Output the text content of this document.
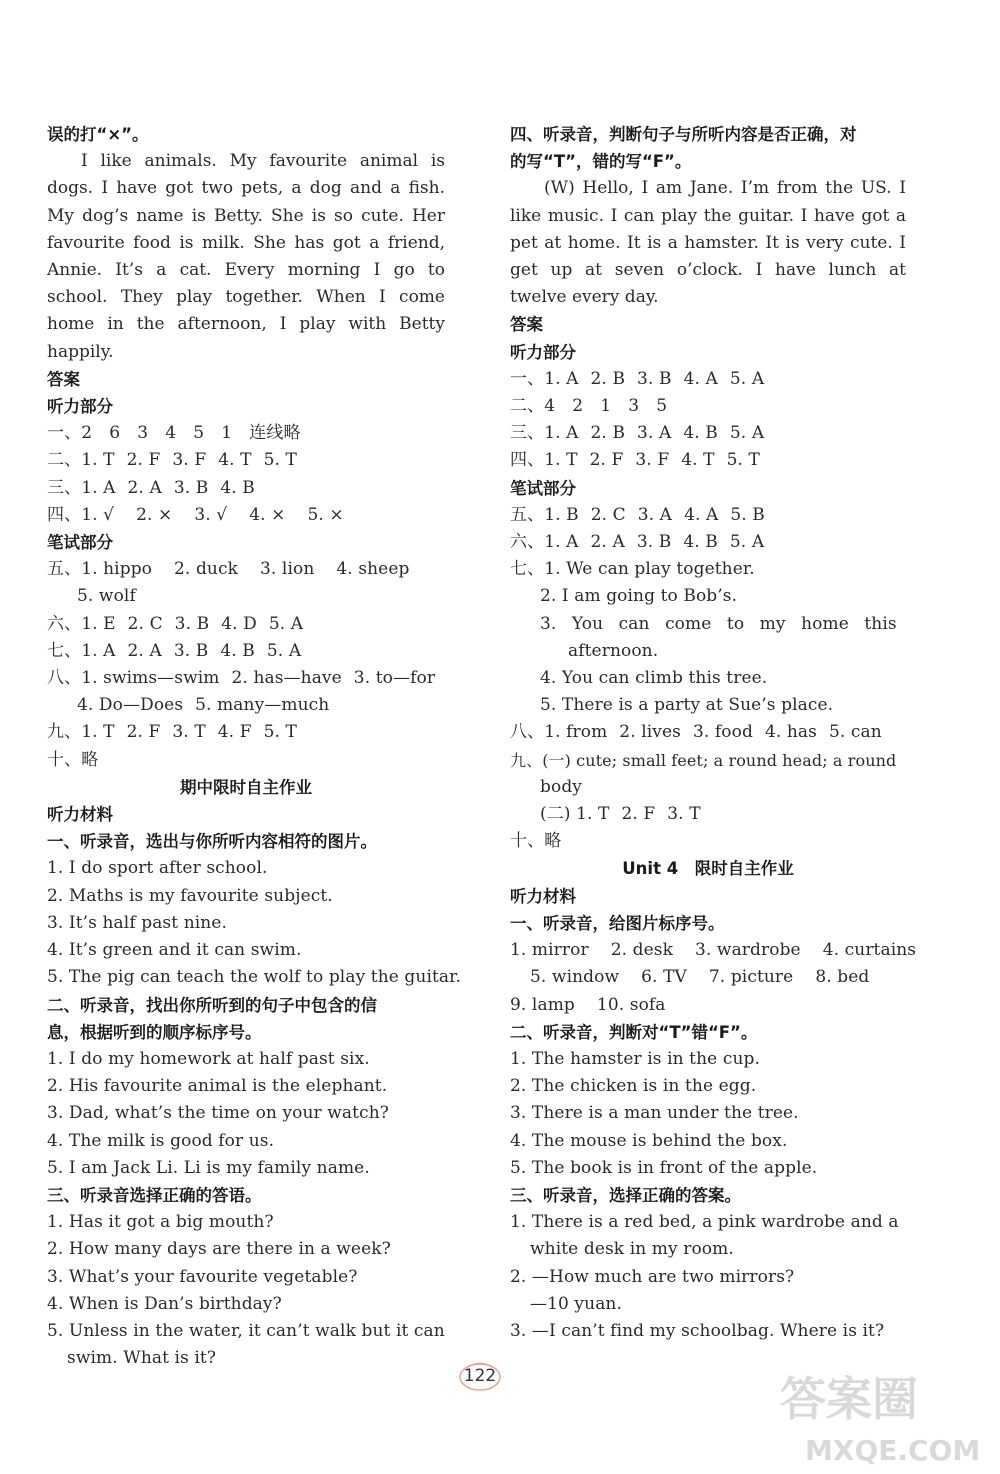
误的打“×”。
I like animals. My favourite animal is dogs. I have got two pets, a dog and a fish. My dog’s name is Betty. She is so cute. Her favourite food is milk. She has got a friend, Annie. It’s a cat. Every morning I go to school. They play together. When I come home in the afternoon, I play with Betty happily.
答案
听力部分
一、2　6　3　4　5　1　连线略
二、1. T 2. F 3. F 4. T 5. T
三、1. A 2. A 3. B 4. B
四、1. √ 2. × 3. √ 4. × 5. ×
笔试部分
五、1. hippo 2. duck 3. lion 4. sheep
5. wolf
六、1. E 2. C 3. B 4. D 5. A
七、1. A 2. A 3. B 4. B 5. A
八、1. swims—swim 2. has—have 3. to—for
4. Do—Does 5. many—much
九、1. T 2. F 3. T 4. F 5. T
十、略
期中限时自主作业
听力材料
一、听录音，选出与你所听内容相符的图片。
1. I do sport after school.
2. Maths is my favourite subject.
3. It’s half past nine.
4. It’s green and it can swim.
5. The pig can teach the wolf to play the guitar.
二、听录音，找出你所听到的句子中包含的信
息，根据听到的顺序标序号。
1. I do my homework at half past six.
2. His favourite animal is the elephant.
3. Dad, what’s the time on your watch?
4. The milk is good for us.
5. I am Jack Li. Li is my family name.
三、听录音选择正确的答语。
1. Has it got a big mouth?
2. How many days are there in a week?
3. What’s your favourite vegetable?
4. When is Dan’s birthday?
5. Unless in the water, it can’t walk but it can
swim. What is it?
四、听录音，判断句子与所听内容是否正确，对
的写“T”，错的写“F”。
(W) Hello, I am Jane. I’m from the US. I like music. I can play the guitar. I have got a pet at home. It is a hamster. It is very cute. I get up at seven o’clock. I have lunch at twelve every day.
答案
听力部分
一、1. A 2. B 3. B 4. A 5. A
二、4　2　1　3　5
三、1. A 2. B 3. A 4. B 5. A
四、1. T 2. F 3. F 4. T 5. T
笔试部分
五、1. B 2. C 3. A 4. A 5. B
六、1. A 2. A 3. B 4. B 5. A
七、1. We can play together.
2. I am going to Bob’s.
3. You can come to my home this
afternoon.
4. You can climb this tree.
5. There is a party at Sue’s place.
八、1. from 2. lives 3. food 4. has 5. can
九、(一) cute; small feet; a round head; a round
body
(二) 1. T 2. F 3. T
十、略
Unit 4　限时自主作业
听力材料
一、听录音，给图片标序号。
1. mirror 2. desk 3. wardrobe 4. curtains
5. window 6. TV 7. picture 8. bed
9. lamp 10. sofa
二、听录音，判断对“T”错“F”。
1. The hamster is in the cup.
2. The chicken is in the egg.
3. There is a man under the tree.
4. The mouse is behind the box.
5. The book is in front of the apple.
三、听录音，选择正确的答案。
1. There is a red bed, a pink wardrobe and a
white desk in my room.
2. —How much are two mirrors?
—10 yuan.
3. —I can’t find my schoolbag. Where is it?
122	答案圈
MXQE.COM
